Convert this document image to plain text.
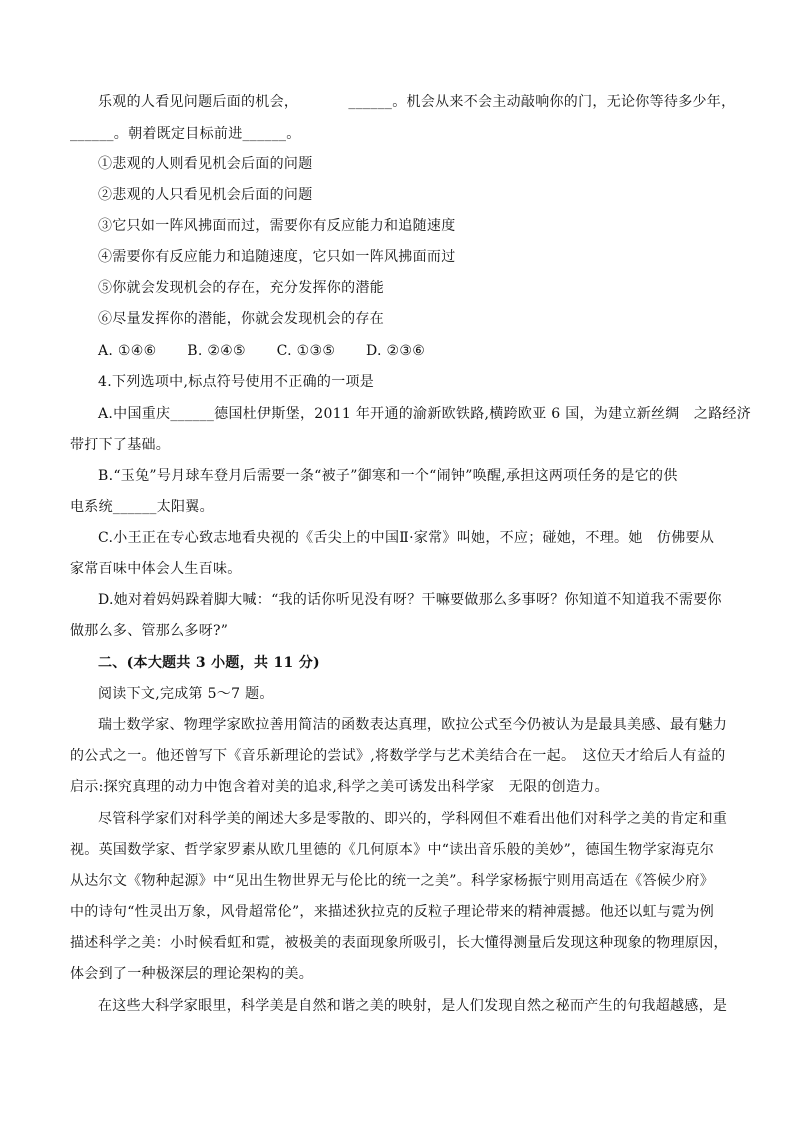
乐观的人看见问题后面的机会，　　　　______。机会从来不会主动敲响你的门，无论你等待多少年，
______。朝着既定目标前进______。
①悲观的人则看见机会后面的问题
②悲观的人只看见机会后面的问题
③它只如一阵风拂面而过，需要你有反应能力和追随速度
④需要你有反应能力和追随速度，它只如一阵风拂面而过
⑤你就会发现机会的存在，充分发挥你的潜能
⑥尽量发挥你的潜能，你就会发现机会的存在
A. ①④⑥ B. ②④⑤ C. ①③⑤ D. ②③⑥
4.下列选项中,标点符号使用不正确的一项是
A.中国重庆______德国杜伊斯堡，2011 年开通的渝新欧铁路,横跨欧亚 6 国，为建立新丝绸　之路经济
带打下了基础。
B.“玉兔”号月球车登月后需要一条“被子”御寒和一个“闹钟”唤醒,承担这两项任务的是它的供
电系统______太阳翼。
C.小王正在专心致志地看央视的《舌尖上的中国Ⅱ·家常》叫她，不应；碰她，不理。她　仿佛要从
家常百味中体会人生百味。
D.她对着妈妈跺着脚大喊：“我的话你听见没有呀？干嘛要做那么多事呀？你知道不知道我不需要你
做那么多、管那么多呀?”
二、(本大题共 3 小题，共 11 分)
阅读下文,完成第 5～7 题。
瑞士数学家、物理学家欧拉善用简洁的函数表达真理，欧拉公式至今仍被认为是最具美感、最有魅力
的公式之一。他还曾写下《音乐新理论的尝试》,将数学学与艺术美结合在一起。　这位天才给后人有益的
启示:探究真理的动力中饱含着对美的追求,科学之美可诱发出科学家　无限的创造力。
尽管科学家们对科学美的阐述大多是零散的、即兴的，学科网但不难看出他们对科学之美的肯定和重
视。英国数学家、哲学家罗素从欧几里德的《几何原本》中“读出音乐般的美妙”，德国生物学家海克尔
从达尔文《物种起源》中“见出生物世界无与伦比的统一之美”。科学家杨振宁则用高适在《答候少府》
中的诗句“性灵出万象，风骨超常伦”，来描述狄拉克的反粒子理论带来的精神震撼。他还以虹与霓为例
描述科学之美：小时候看虹和霓，被极美的表面现象所吸引，长大懂得测量后发现这种现象的物理原因，
体会到了一种极深层的理论架构的美。
在这些大科学家眼里，科学美是自然和谐之美的映射，是人们发现自然之秘而产生的句我超越感，是
